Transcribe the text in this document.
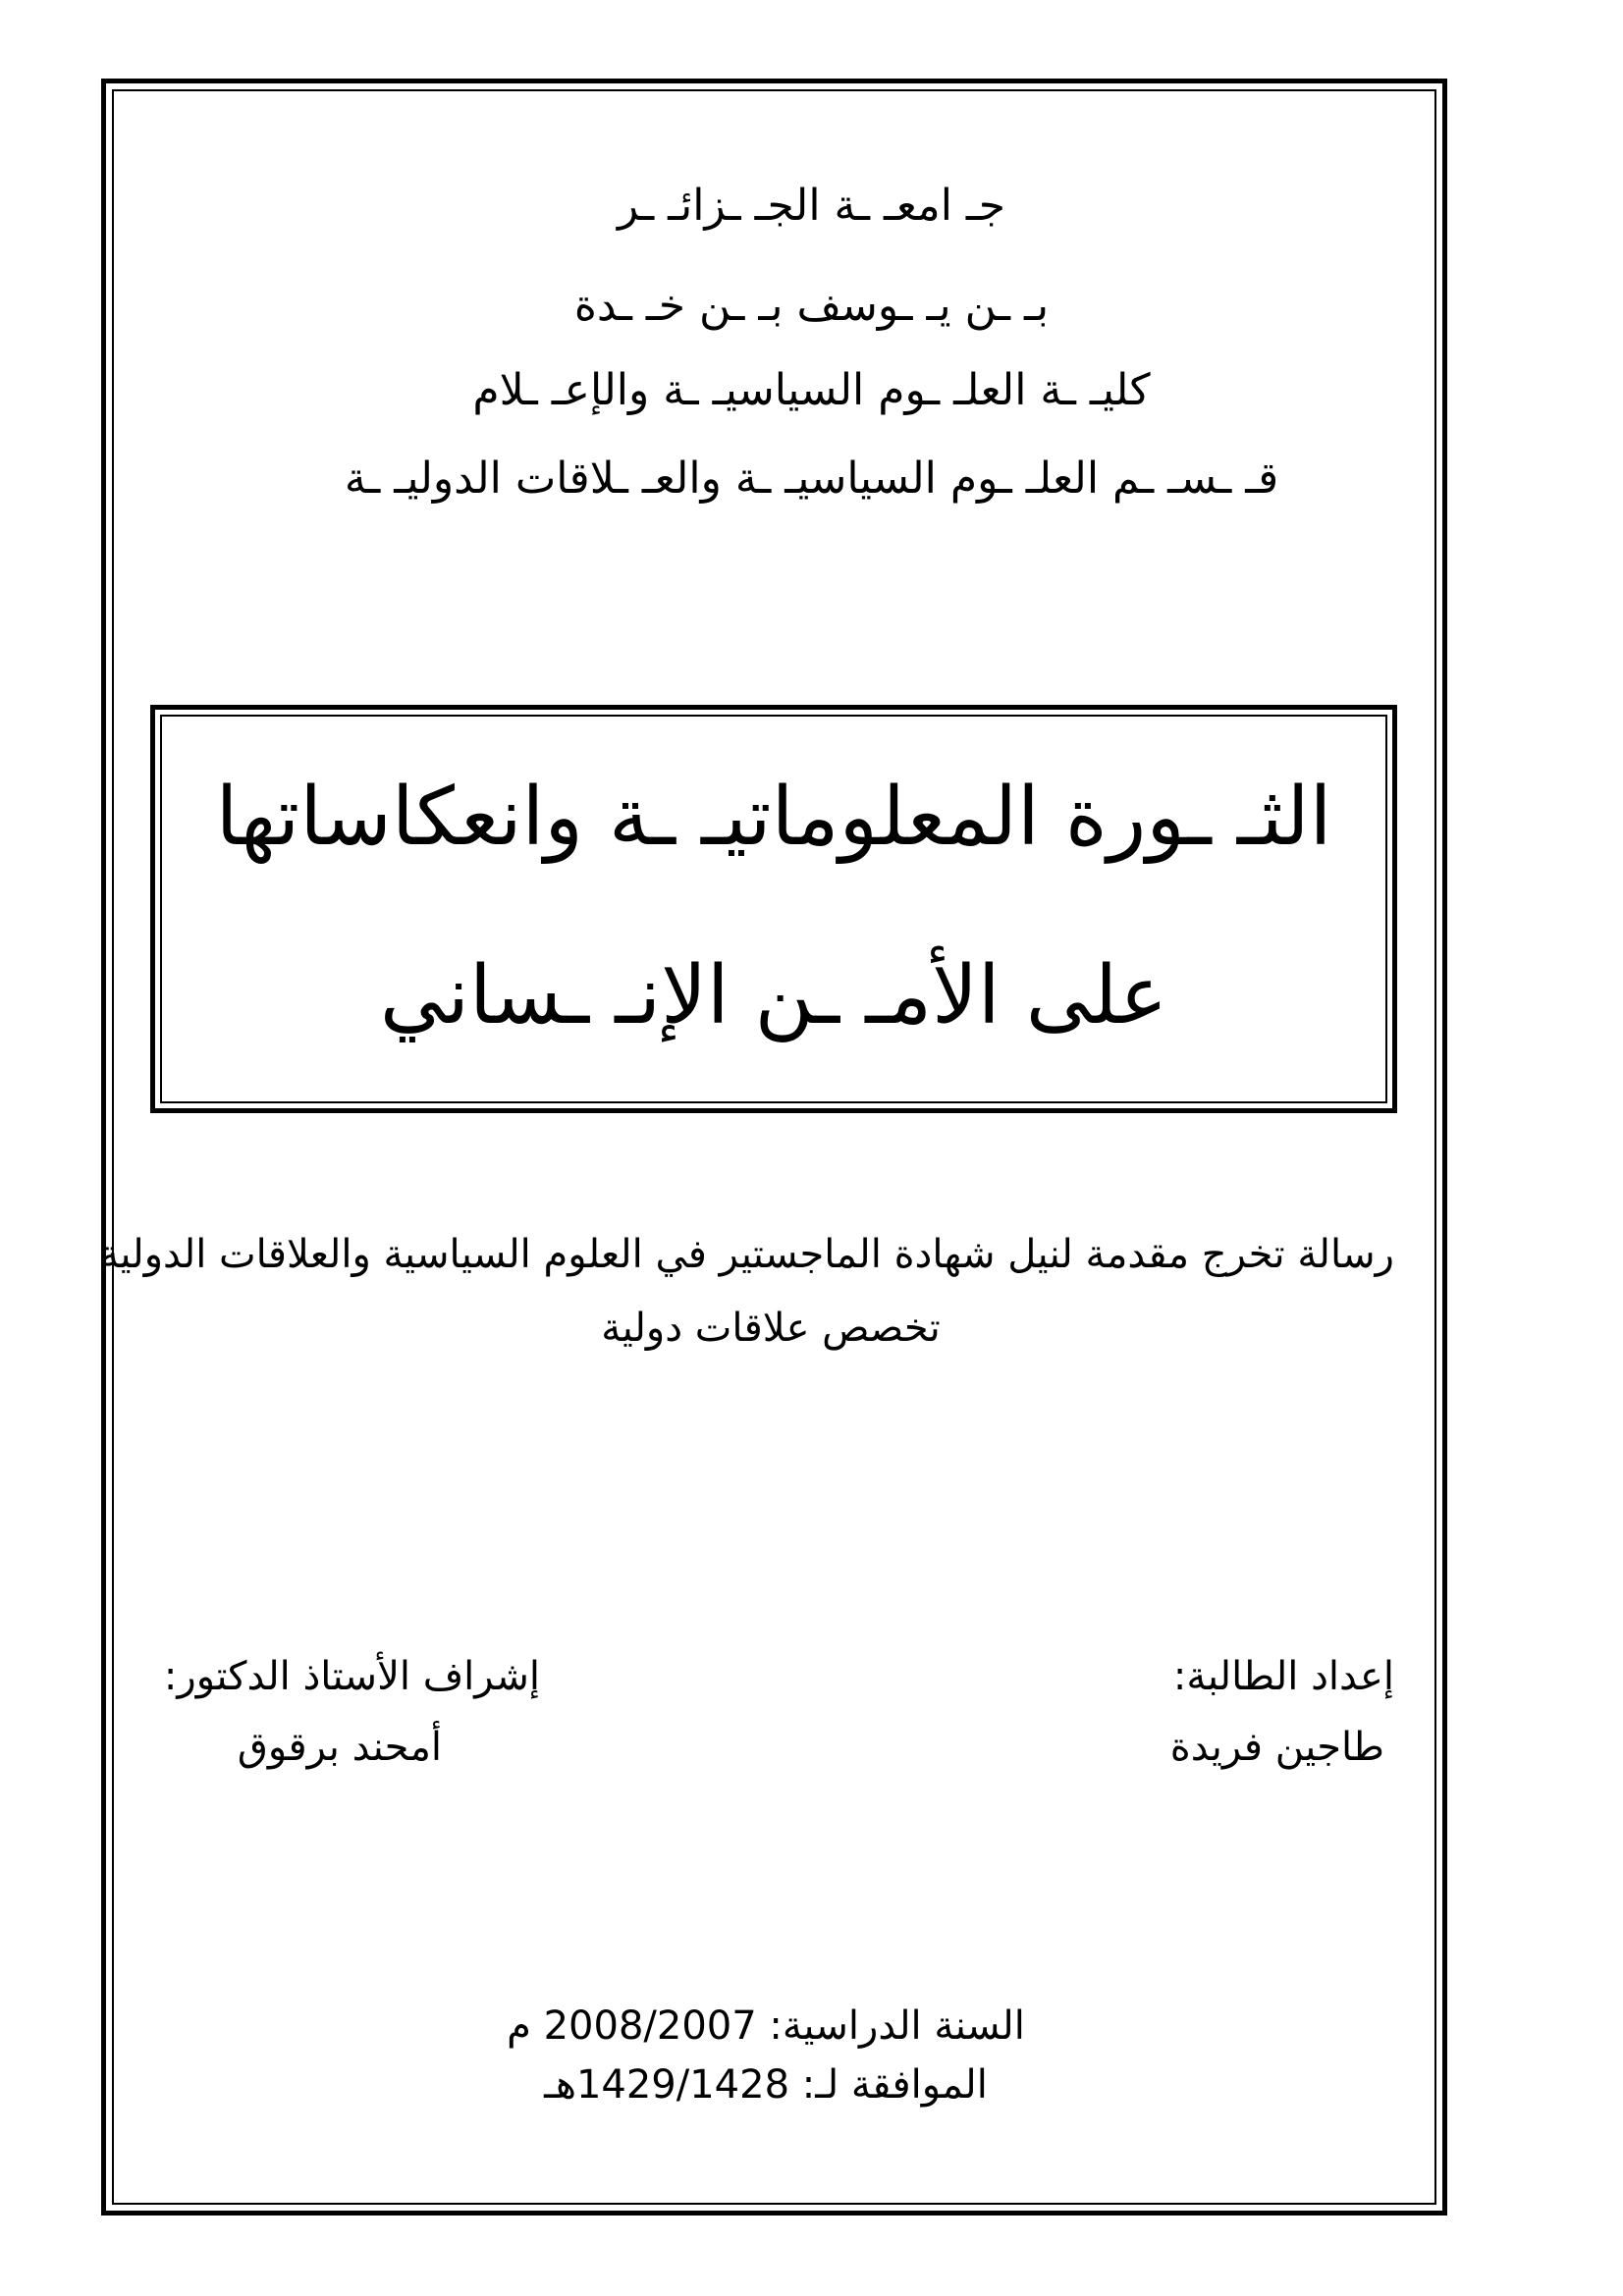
جـ امعـ ـة الجـ ـزائـ ـر

بـ ـن يـ ـوسف بـ ـن خـ ـدة

كليـ ـة العلـ ـوم السياسيـ ـة والإعـ ـلام

قـ ـسـ ـم العلـ ـوم السياسيـ ـة والعـ ـلاقات الدوليـ ـة

الثـ ـورة المعلوماتيـ ـة وانعكاساتها
على الأمـ ـن الإنـ ـساني

رسالة تخرج مقدمة لنيل شهادة الماجستير في العلوم السياسية والعلاقات الدولية

تخصص علاقات دولية

إعداد الطالبة:

طاجين فريدة

إشراف الأستاذ الدكتور:

أمحند برقوق

السنة الدراسية: 2008/2007 م

الموافقة لـ: 1429/1428هـ
